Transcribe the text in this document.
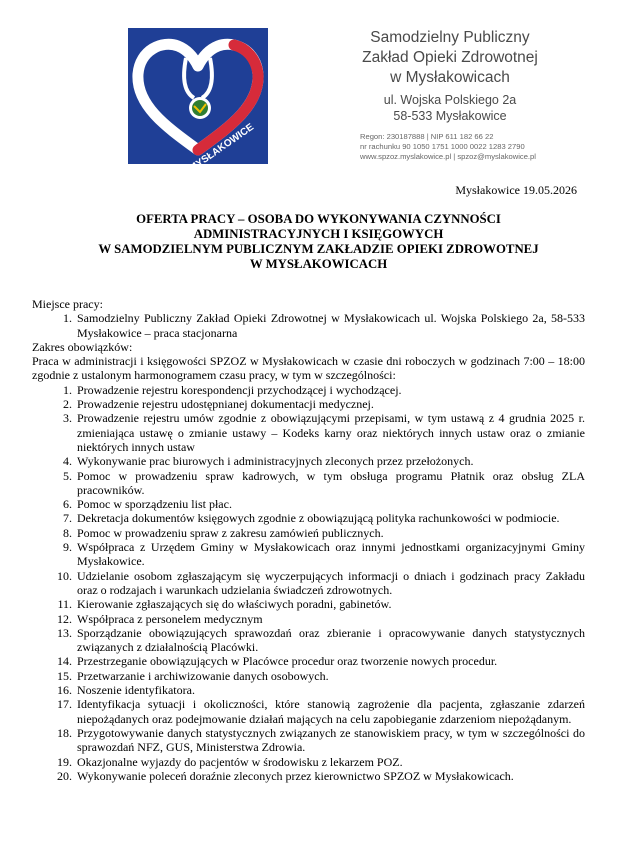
Samodzielny Publiczny
Zakład Opieki Zdrowotnej
w Mysłakowicach
ul. Wojska Polskiego 2a
58-533 Mysłakowice
Regon: 230187888 | NIP 611 182 66 22
nr rachunku 90 1050 1751 1000 0022 1283 2790
www.spzoz.myslakowice.pl | spzoz@myslakowice.pl
Mysłakowice 19.05.2026
OFERTA PRACY – OSOBA DO WYKONYWANIA CZYNNOŚCI
ADMINISTRACYJNYCH I KSIĘGOWYCH
W SAMODZIELNYM PUBLICZNYM ZAKŁADZIE OPIEKI ZDROWOTNEJ
W MYSŁAKOWICACH

Miejsce pracy:

1. Samodzielny Publiczny Zakład Opieki Zdrowotnej w Mysłakowicach ul. Wojska Polskiego 2a, 58-533 Mysłakowice – praca stacjonarna

Zakres obowiązków:

Praca w administracji i księgowości SPZOZ w Mysłakowicach w czasie dni roboczych w godzinach 7:00 – 18:00 zgodnie z ustalonym harmonogramem czasu pracy, w tym w szczególności:

1. Prowadzenie rejestru korespondencji przychodzącej i wychodzącej.
2. Prowadzenie rejestru udostępnianej dokumentacji medycznej.
3. Prowadzenie rejestru umów zgodnie z obowiązującymi przepisami, w tym ustawą z 4 grudnia 2025 r. zmieniająca ustawę o zmianie ustawy – Kodeks karny oraz niektórych innych ustaw oraz o zmianie niektórych innych ustaw
4. Wykonywanie prac biurowych i administracyjnych zleconych przez przełożonych.
5. Pomoc w prowadzeniu spraw kadrowych, w tym obsługa programu Płatnik oraz obsług ZLA pracowników.
6. Pomoc w sporządzeniu list płac.
7. Dekretacja dokumentów księgowych zgodnie z obowiązującą polityka rachunkowości w podmiocie.
8. Pomoc w prowadzeniu spraw z zakresu zamówień publicznych.
9. Współpraca z Urzędem Gminy w Mysłakowicach oraz innymi jednostkami organizacyjnymi Gminy Mysłakowice.
10. Udzielanie osobom zgłaszającym się wyczerpujących informacji o dniach i godzinach pracy Zakładu oraz o rodzajach i warunkach udzielania świadczeń zdrowotnych.
11. Kierowanie zgłaszających się do właściwych poradni, gabinetów.
12. Współpraca z personelem medycznym
13. Sporządzanie obowiązujących sprawozdań oraz zbieranie i opracowywanie danych statystycznych związanych z działalnością Placówki.
14. Przestrzeganie obowiązujących w Placówce procedur oraz tworzenie nowych procedur.
15. Przetwarzanie i archiwizowanie danych osobowych.
16. Noszenie identyfikatora.
17. Identyfikacja sytuacji i okoliczności, które stanowią zagrożenie dla pacjenta, zgłaszanie zdarzeń niepożądanych oraz podejmowanie działań mających na celu zapobieganie zdarzeniom niepożądanym.
18. Przygotowywanie danych statystycznych związanych ze stanowiskiem pracy, w tym w szczególności do sprawozdań NFZ, GUS, Ministerstwa Zdrowia.
19. Okazjonalne wyjazdy do pacjentów w środowisku z lekarzem POZ.
20. Wykonywanie poleceń doraźnie zleconych przez kierownictwo SPZOZ w Mysłakowicach.
